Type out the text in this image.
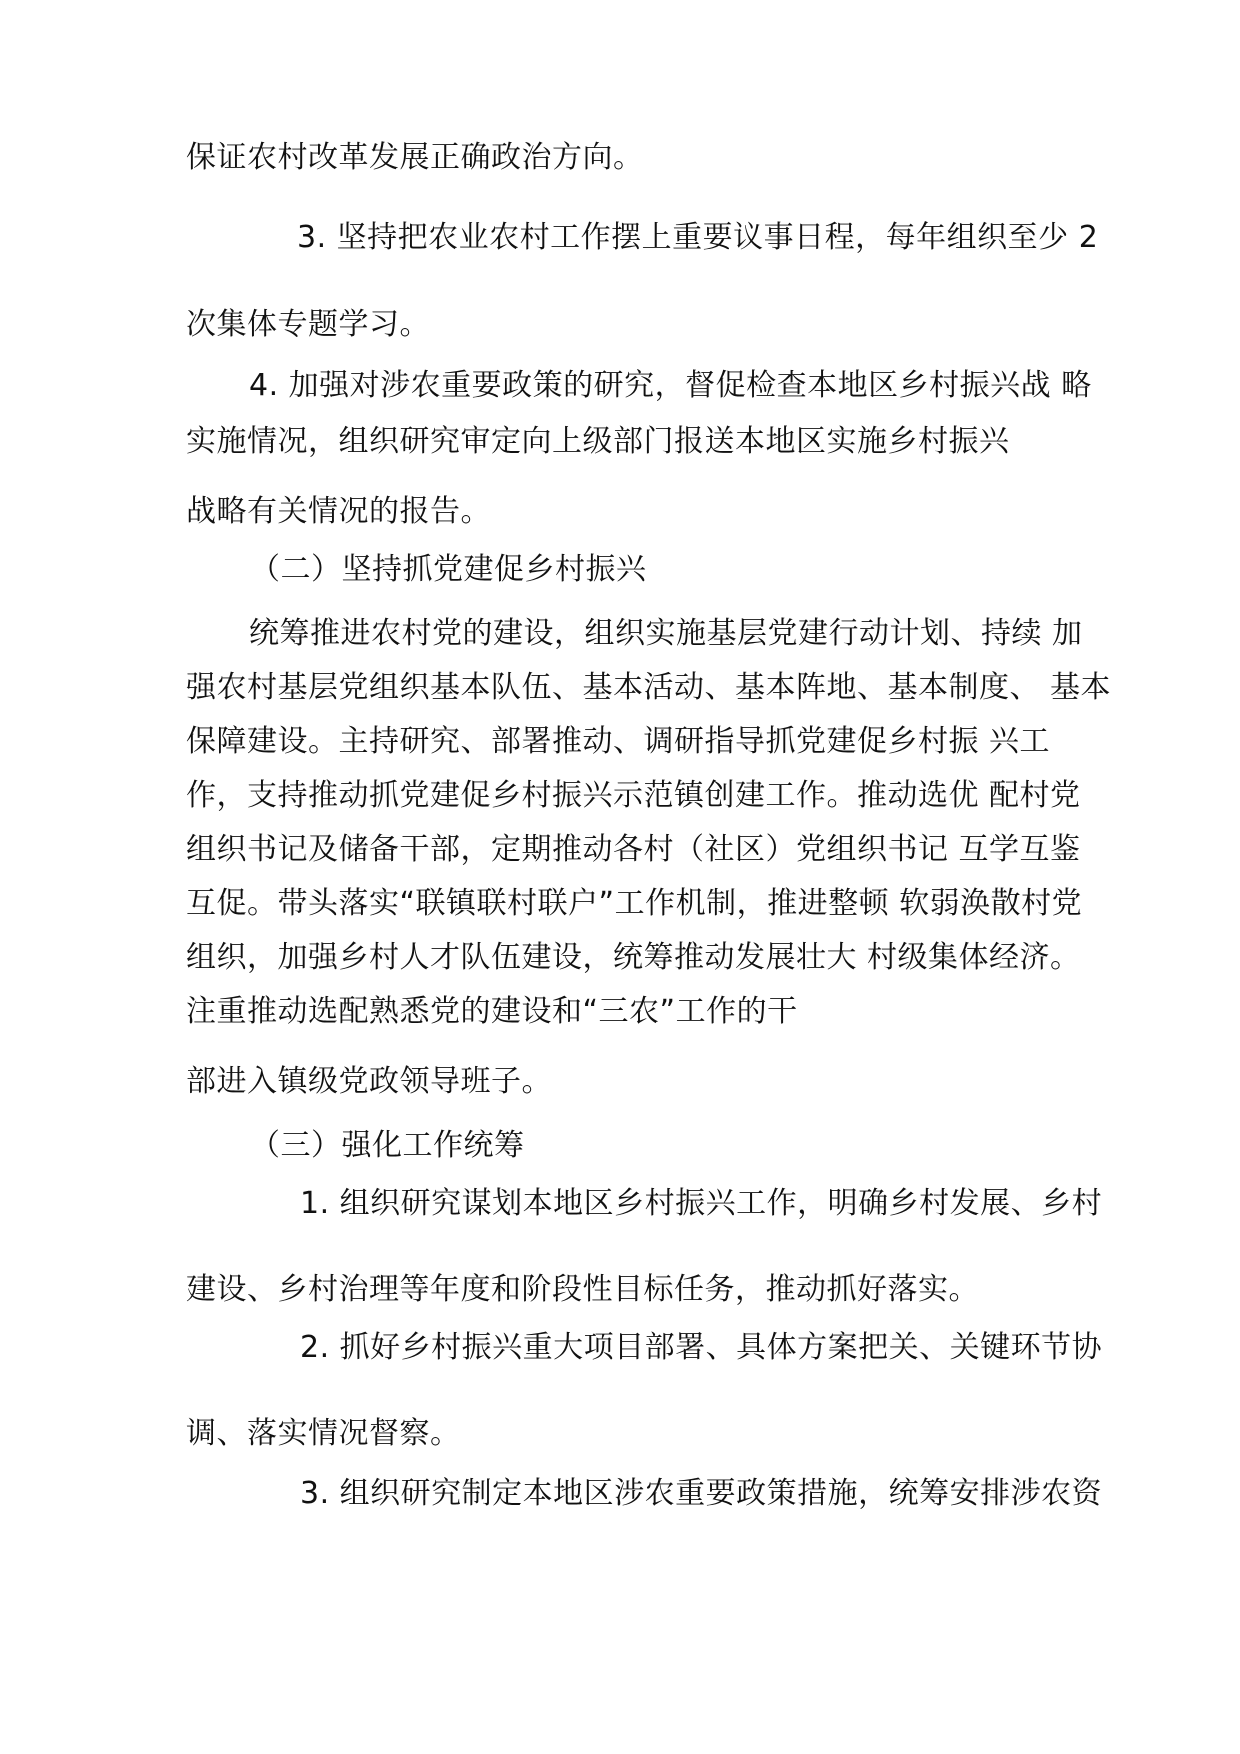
保证农村改革发展正确政治方向。
3. 坚持把农业农村工作摆上重要议事日程，每年组织至少 2
次集体专题学习。
4. 加强对涉农重要政策的研究，督促检查本地区乡村振兴战 略
实施情况，组织研究审定向上级部门报送本地区实施乡村振兴
战略有关情况的报告。
（二）坚持抓党建促乡村振兴
统筹推进农村党的建设，组织实施基层党建行动计划、持续 加
强农村基层党组织基本队伍、基本活动、基本阵地、基本制度、 基本
保障建设。主持研究、部署推动、调研指导抓党建促乡村振 兴工
作，支持推动抓党建促乡村振兴示范镇创建工作。推动选优 配村党
组织书记及储备干部，定期推动各村（社区）党组织书记 互学互鉴
互促。带头落实“联镇联村联户”工作机制，推进整顿 软弱涣散村党
组织，加强乡村人才队伍建设，统筹推动发展壮大 村级集体经济。
注重推动选配熟悉党的建设和“三农”工作的干
部进入镇级党政领导班子。
（三）强化工作统筹
1. 组织研究谋划本地区乡村振兴工作，明确乡村发展、乡村
建设、乡村治理等年度和阶段性目标任务，推动抓好落实。
2. 抓好乡村振兴重大项目部署、具体方案把关、关键环节协
调、落实情况督察。
3. 组织研究制定本地区涉农重要政策措施，统筹安排涉农资
